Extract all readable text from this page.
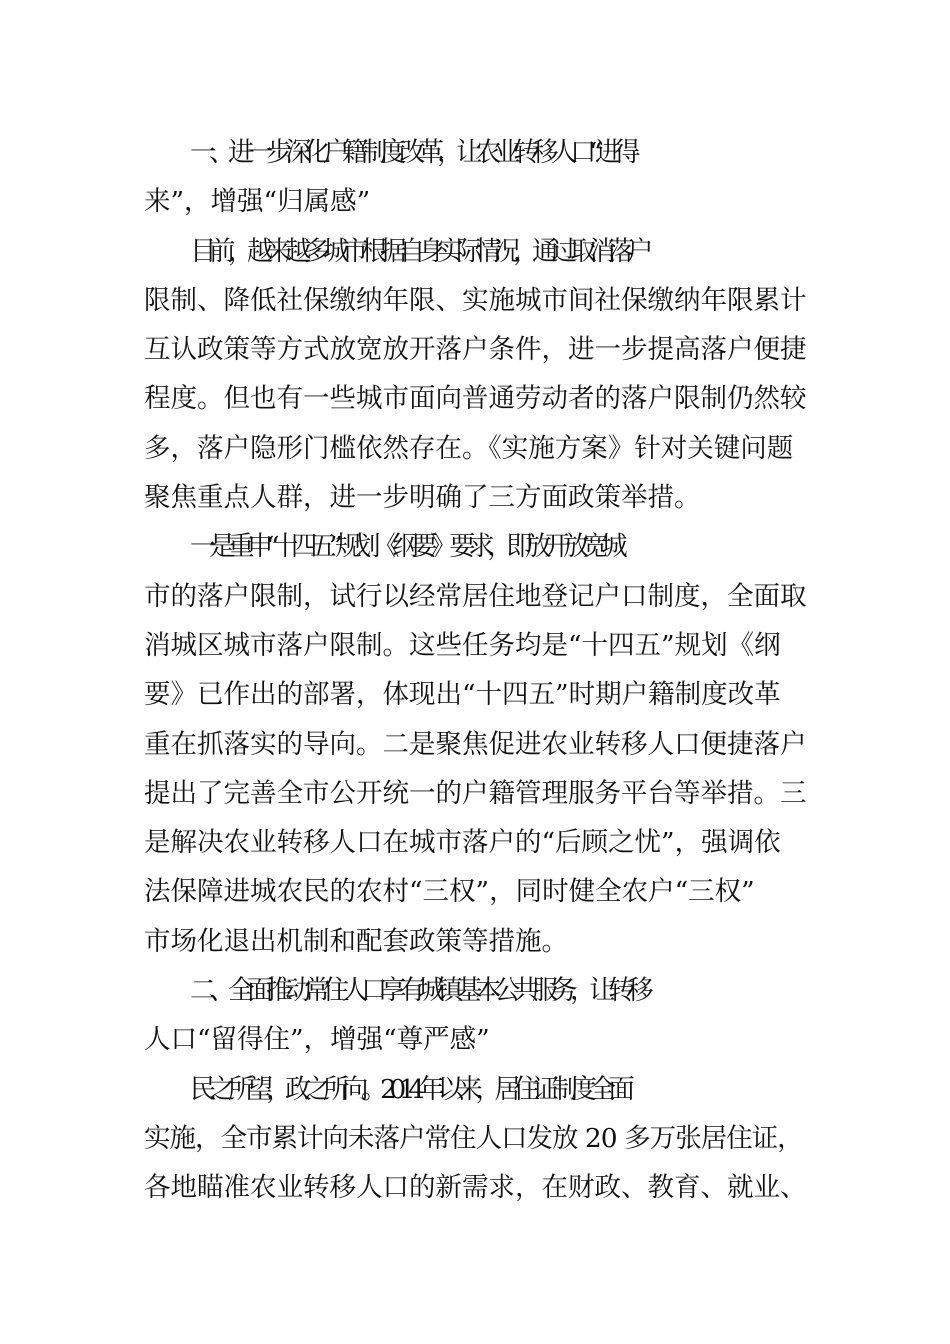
一、进一步深化户籍制度改革，让农业转移人口“进得
来”，增强“归属感”

目前，越来越多城市根据自身实际情况，通过取消落户
限制、降低社保缴纳年限、实施城市间社保缴纳年限累计
互认政策等方式放宽放开落户条件，进一步提高落户便捷
程度。但也有一些城市面向普通劳动者的落户限制仍然较
多，落户隐形门槛依然存在。《实施方案》针对关键问题
聚焦重点人群，进一步明确了三方面政策举措。

一是重申“十四五”规划《纲要》要求，即放开放宽城
市的落户限制，试行以经常居住地登记户口制度，全面取
消城区城市落户限制。这些任务均是“十四五”规划《纲
要》已作出的部署，体现出“十四五”时期户籍制度改革
重在抓落实的导向。二是聚焦促进农业转移人口便捷落户
提出了完善全市公开统一的户籍管理服务平台等举措。三
是解决农业转移人口在城市落户的“后顾之忧”，强调依
法保障进城农民的农村“三权”，同时健全农户“三权”
市场化退出机制和配套政策等措施。

二、全面推动常住人口享有城镇基本公共服务，让转移
人口“留得住”，增强“尊严感”

民之所望，政之所向。2014 年以来，居住证制度全面
实施，全市累计向未落户常住人口发放 20 多万张居住证，
各地瞄准农业转移人口的新需求，在财政、教育、就业、
